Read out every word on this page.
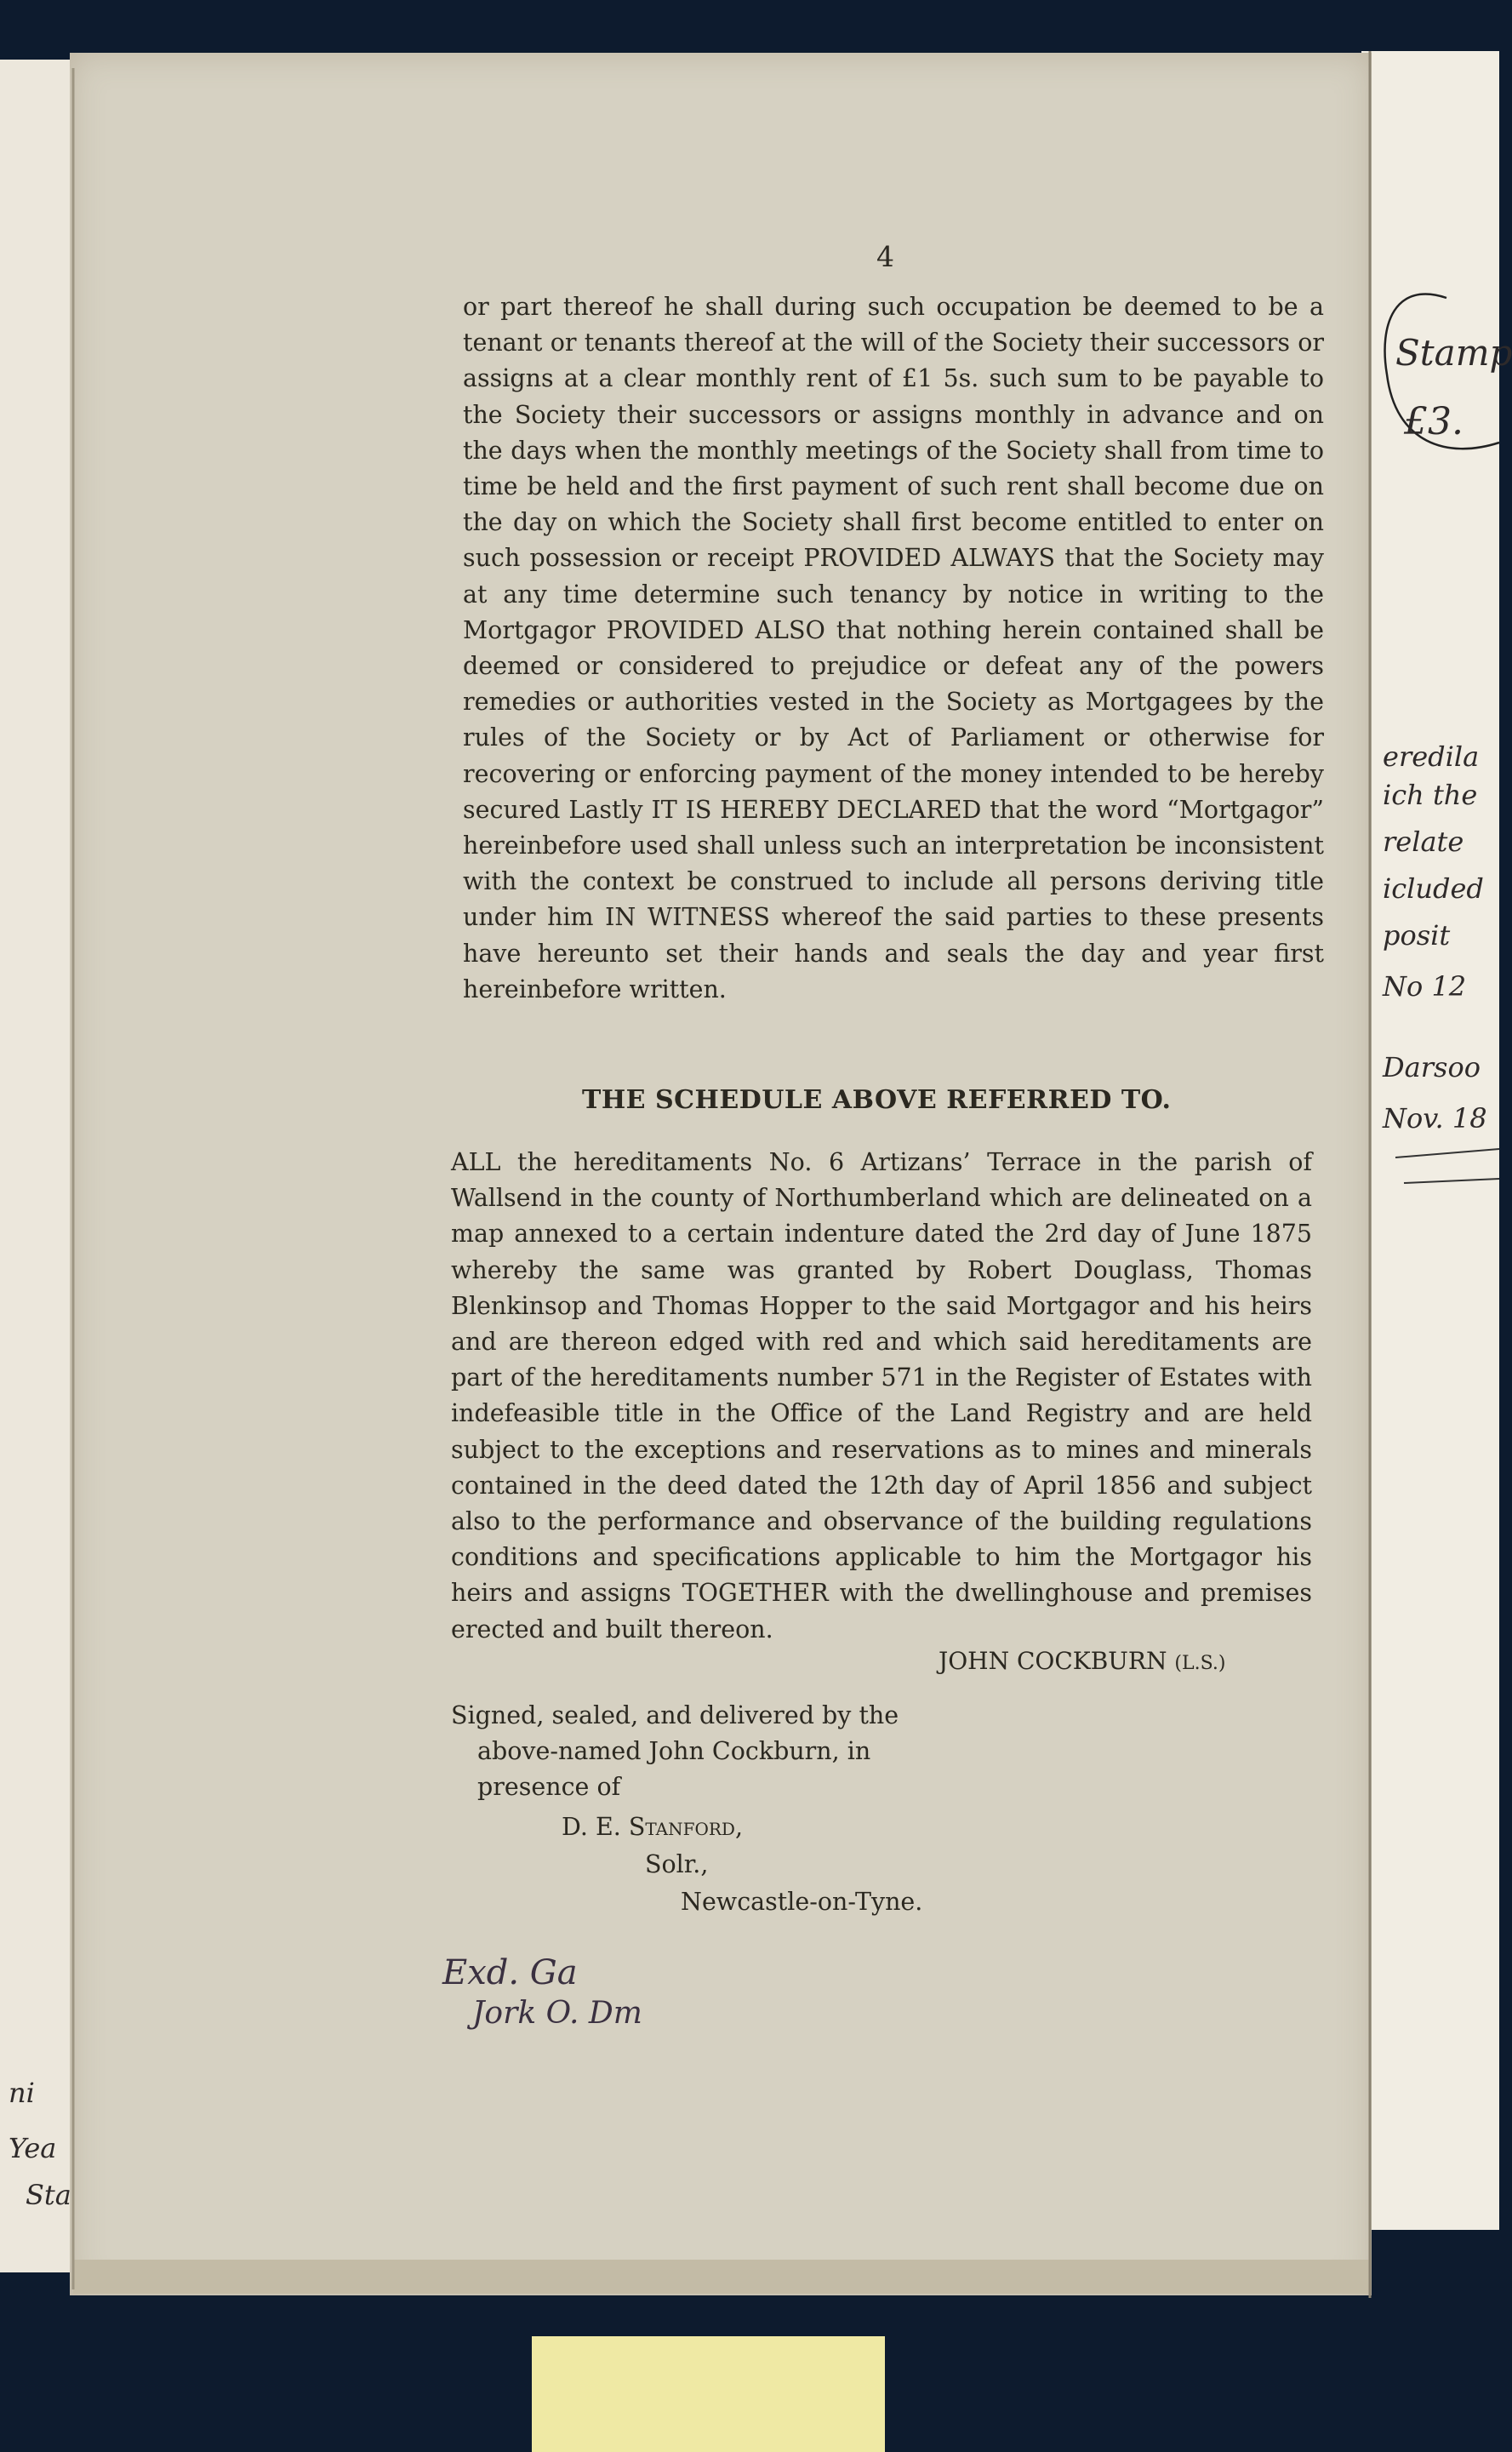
4

or part thereof he shall during such occupation be deemed to be a tenant or tenants thereof at the will of the Society their successors or assigns at a clear monthly rent of £1 5s. such sum to be payable to the Society their successors or assigns monthly in advance and on the days when the monthly meetings of the Society shall from time to time be held and the first payment of such rent shall become due on the day on which the Society shall first become entitled to enter on such possession or receipt PROVIDED ALWAYS that the Society may at any time determine such tenancy by notice in writing to the Mortgagor PROVIDED ALSO that nothing herein contained shall be deemed or considered to prejudice or defeat any of the powers remedies or authorities vested in the Society as Mortgagees by the rules of the Society or by Act of Parliament or otherwise for recovering or enforcing payment of the money intended to be hereby secured Lastly IT IS HEREBY DECLARED that the word “Mortgagor” hereinbefore used shall unless such an interpretation be inconsistent with the context be construed to include all persons deriving title under him IN WITNESS whereof the said parties to these presents have hereunto set their hands and seals the day and year first hereinbefore written.

THE SCHEDULE ABOVE REFERRED TO.

ALL the hereditaments No. 6 Artizans’ Terrace in the parish of Wallsend in the county of Northumberland which are delineated on a map annexed to a certain indenture dated the 2rd day of June 1875 whereby the same was granted by Robert Douglass, Thomas Blenkinsop and Thomas Hopper to the said Mortgagor and his heirs and are thereon edged with red and which said hereditaments are part of the hereditaments number 571 in the Register of Estates with indefeasible title in the Office of the Land Registry and are held subject to the exceptions and reservations as to mines and minerals contained in the deed dated the 12th day of April 1856 and subject also to the performance and observance of the building regulations conditions and specifications applicable to him the Mortgagor his heirs and assigns TOGETHER with the dwellinghouse and premises erected and built thereon.

JOHN COCKBURN (L.S.)
Signed, sealed, and delivered by the
above-named John Cockburn, in
presence of
D. E. Stanford,
Solr.,
Newcastle-on-Tyne.
Exd. Ga
Jork O. Dm
Stamp
£3.
eredila
ich the
relate
icluded
posit
No 12
Darsoo
Nov. 18
ni
Yea
Sta
